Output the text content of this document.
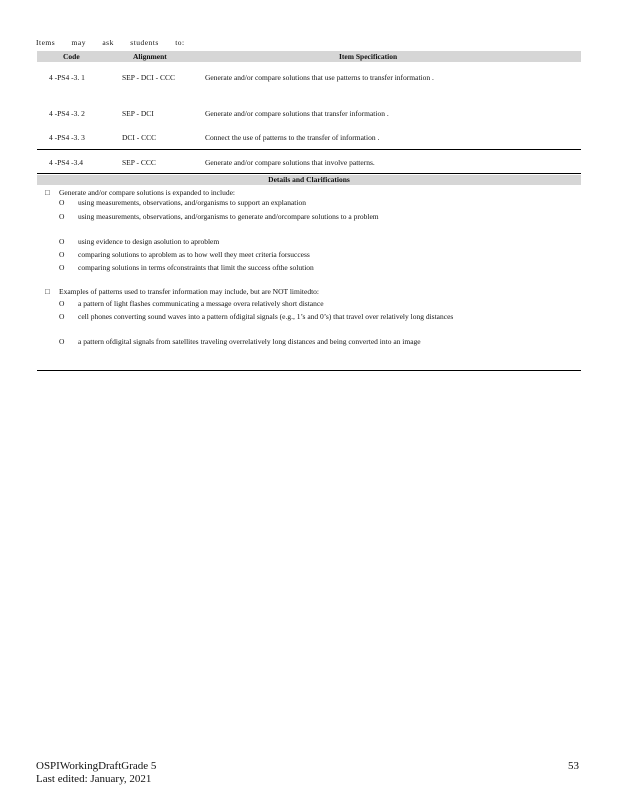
Items may ask students to:
Code	Alignment	Item Specification
4 -PS4 -3. 1	SEP - DCI - CCC	Generate and/or compare solutions that use patterns to transfer information .
4 -PS4 -3. 2	SEP - DCI	Generate and/or compare solutions that transfer information .
4 -PS4 -3. 3	DCI - CCC	Connect the use of patterns to the transfer of information .
4 -PS4 -3.4	SEP - CCC	Generate and/or compare solutions that involve patterns.
Details and Clarifications
□ Generate and/or compare solutions is expanded to include:
O using measurements, observations, and/organisms to support an explanation
O using measurements, observations, and/organisms to generate and/orcompare solutions to a problem
O using evidence to design asolution to aproblem
O comparing solutions to aproblem as to how well they meet criteria forsuccess
O comparing solutions in terms ofconstraints that limit the success ofthe solution
□ Examples of patterns used to transfer information may include, but are NOT limitedto:
O a pattern of light flashes communicating a message overa relatively short distance
O cell phones converting sound waves into a pattern ofdigital signals (e.g., 1’s and 0’s) that travel over relatively long distances
O a pattern ofdigital signals from satellites traveling overrelatively long distances and being converted into an image
OSPIWorkingDraftGrade 5
Last edited: January, 2021
53
